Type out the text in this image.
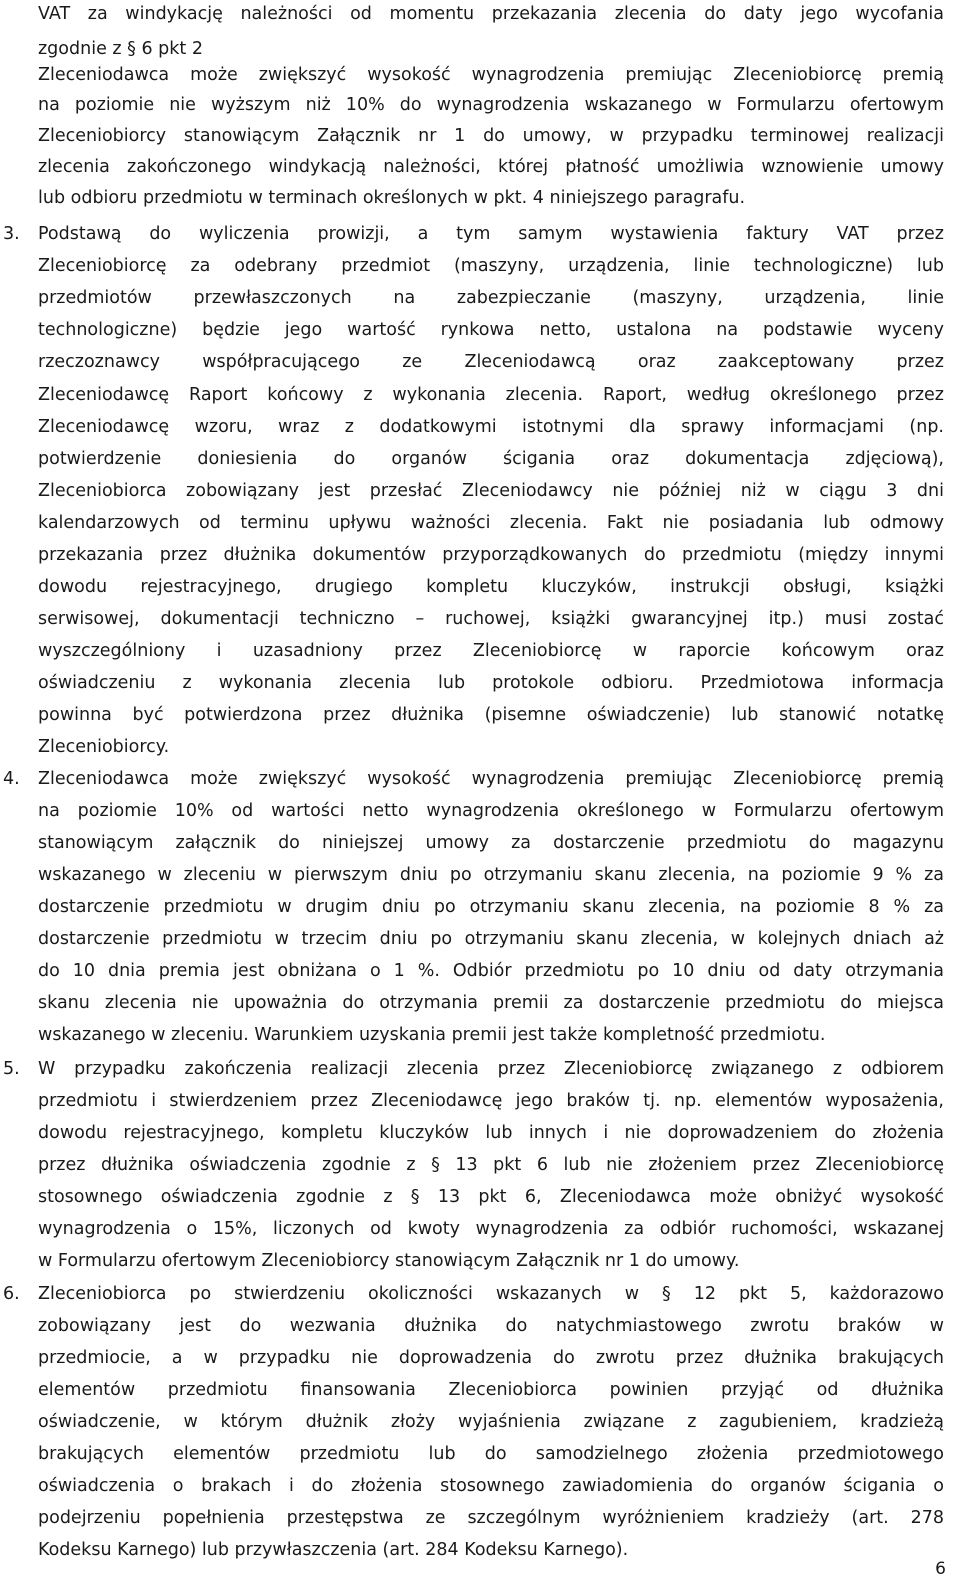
VAT za windykację należności od momentu przekazania zlecenia do daty jego wycofania
zgodnie z § 6 pkt 2
Zleceniodawca może zwiększyć wysokość wynagrodzenia premiując Zleceniobiorcę premią
na poziomie nie wyższym niż 10% do wynagrodzenia wskazanego w Formularzu ofertowym
Zleceniobiorcy stanowiącym Załącznik nr 1 do umowy, w przypadku terminowej realizacji
zlecenia zakończonego windykacją należności, której płatność umożliwia wznowienie umowy
lub odbioru przedmiotu w terminach określonych w pkt. 4 niniejszego paragrafu.
3. Podstawą do wyliczenia prowizji, a tym samym wystawienia faktury VAT przez
Zleceniobiorcę za odebrany przedmiot (maszyny, urządzenia, linie technologiczne) lub
przedmiotów przewłaszczonych na zabezpieczanie (maszyny, urządzenia, linie
technologiczne) będzie jego wartość rynkowa netto, ustalona na podstawie wyceny
rzeczoznawcy współpracującego ze Zleceniodawcą oraz zaakceptowany przez
Zleceniodawcę Raport końcowy z wykonania zlecenia. Raport, według określonego przez
Zleceniodawcę wzoru, wraz z dodatkowymi istotnymi dla sprawy informacjami (np.
potwierdzenie doniesienia do organów ścigania oraz dokumentacja zdjęciową),
Zleceniobiorca zobowiązany jest przesłać Zleceniodawcy nie później niż w ciągu 3 dni
kalendarzowych od terminu upływu ważności zlecenia. Fakt nie posiadania lub odmowy
przekazania przez dłużnika dokumentów przyporządkowanych do przedmiotu (między innymi
dowodu rejestracyjnego, drugiego kompletu kluczyków, instrukcji obsługi, książki
serwisowej, dokumentacji techniczno – ruchowej, książki gwarancyjnej itp.) musi zostać
wyszczególniony i uzasadniony przez Zleceniobiorcę w raporcie końcowym oraz
oświadczeniu z wykonania zlecenia lub protokole odbioru. Przedmiotowa informacja
powinna być potwierdzona przez dłużnika (pisemne oświadczenie) lub stanowić notatkę
Zleceniobiorcy.
4. Zleceniodawca może zwiększyć wysokość wynagrodzenia premiując Zleceniobiorcę premią
na poziomie 10% od wartości netto wynagrodzenia określonego w Formularzu ofertowym
stanowiącym załącznik do niniejszej umowy za dostarczenie przedmiotu do magazynu
wskazanego w zleceniu w pierwszym dniu po otrzymaniu skanu zlecenia, na poziomie 9 % za
dostarczenie przedmiotu w drugim dniu po otrzymaniu skanu zlecenia, na poziomie 8 % za
dostarczenie przedmiotu w trzecim dniu po otrzymaniu skanu zlecenia, w kolejnych dniach aż
do 10 dnia premia jest obniżana o 1 %. Odbiór przedmiotu po 10 dniu od daty otrzymania
skanu zlecenia nie upoważnia do otrzymania premii za dostarczenie przedmiotu do miejsca
wskazanego w zleceniu. Warunkiem uzyskania premii jest także kompletność przedmiotu.
5. W przypadku zakończenia realizacji zlecenia przez Zleceniobiorcę związanego z odbiorem
przedmiotu i stwierdzeniem przez Zleceniodawcę jego braków tj. np. elementów wyposażenia,
dowodu rejestracyjnego, kompletu kluczyków lub innych i nie doprowadzeniem do złożenia
przez dłużnika oświadczenia zgodnie z § 13 pkt 6 lub nie złożeniem przez Zleceniobiorcę
stosownego oświadczenia zgodnie z § 13 pkt 6, Zleceniodawca może obniżyć wysokość
wynagrodzenia o 15%, liczonych od kwoty wynagrodzenia za odbiór ruchomości, wskazanej
w Formularzu ofertowym Zleceniobiorcy stanowiącym Załącznik nr 1 do umowy.
6. Zleceniobiorca po stwierdzeniu okoliczności wskazanych w § 12 pkt 5, każdorazowo
zobowiązany jest do wezwania dłużnika do natychmiastowego zwrotu braków w
przedmiocie, a w przypadku nie doprowadzenia do zwrotu przez dłużnika brakujących
elementów przedmiotu finansowania Zleceniobiorca powinien przyjąć od dłużnika
oświadczenie, w którym dłużnik złoży wyjaśnienia związane z zagubieniem, kradzieżą
brakujących elementów przedmiotu lub do samodzielnego złożenia przedmiotowego
oświadczenia o brakach i do złożenia stosownego zawiadomienia do organów ścigania o
podejrzeniu popełnienia przestępstwa ze szczególnym wyróżnieniem kradzieży (art. 278
Kodeksu Karnego) lub przywłaszczenia (art. 284 Kodeksu Karnego).
6
